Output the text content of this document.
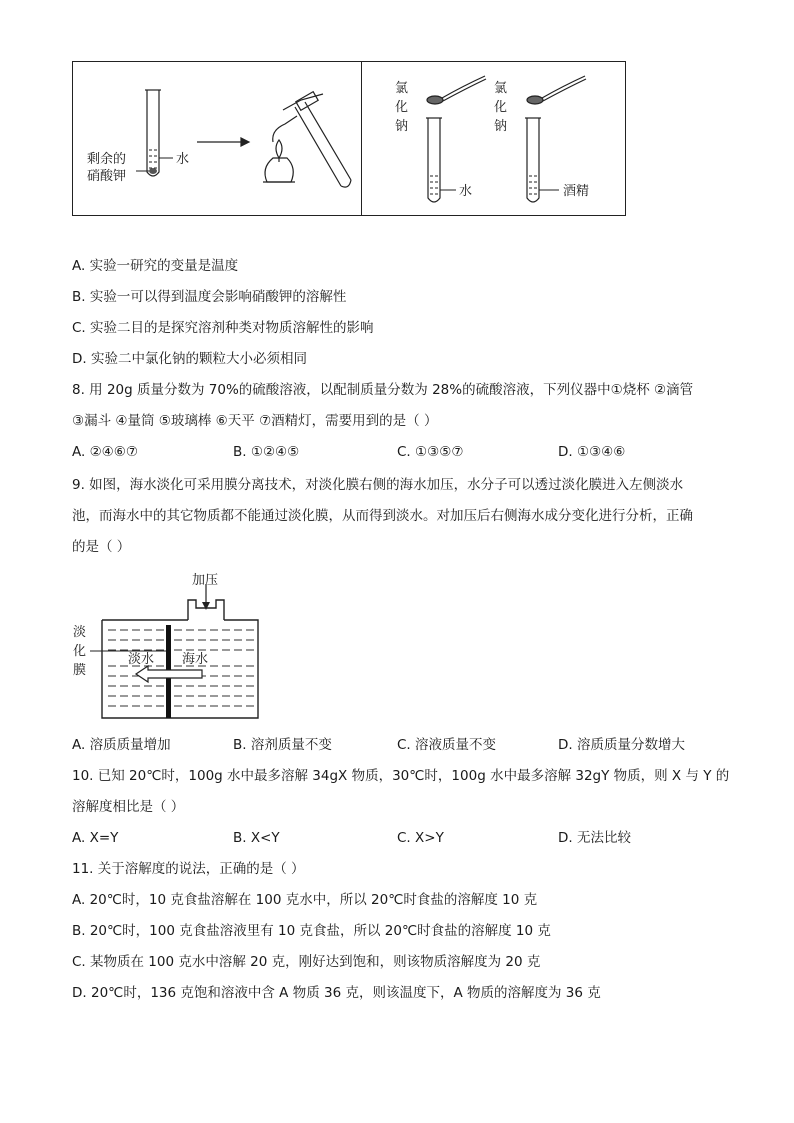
剩余的
硝酸钾
水
氯
化
钠
水
氯
化
钠
酒精
A. 实验一研究的变量是温度
B. 实验一可以得到温度会影响硝酸钾的溶解性
C. 实验二目的是探究溶剂种类对物质溶解性的影响
D. 实验二中氯化钠的颗粒大小必须相同
8. 用 20g 质量分数为 70%的硫酸溶液，以配制质量分数为 28%的硫酸溶液，下列仪器中①烧杯 ②滴管
③漏斗 ④量筒 ⑤玻璃棒 ⑥天平 ⑦酒精灯，需要用到的是（ ）
A. ②④⑥⑦	B. ①②④⑤	C. ①③⑤⑦	D. ①③④⑥
9. 如图，海水淡化可采用膜分离技术，对淡化膜右侧的海水加压，水分子可以透过淡化膜进入左侧淡水
池，而海水中的其它物质都不能通过淡化膜，从而得到淡水。对加压后右侧海水成分变化进行分析，正确
的是（ ）
加压
淡水 海水
淡
化
膜
A. 溶质质量增加	B. 溶剂质量不变	C. 溶液质量不变	D. 溶质质量分数增大
10. 已知 20℃时，100g 水中最多溶解 34gX 物质，30℃时，100g 水中最多溶解 32gY 物质，则 X 与 Y 的
溶解度相比是（ ）
A. X=Y	B. X<Y	C. X>Y	D. 无法比较
11. 关于溶解度的说法，正确的是（ ）
A. 20℃时，10 克食盐溶解在 100 克水中，所以 20℃时食盐的溶解度 10 克
B. 20℃时，100 克食盐溶液里有 10 克食盐，所以 20℃时食盐的溶解度 10 克
C. 某物质在 100 克水中溶解 20 克，刚好达到饱和，则该物质溶解度为 20 克
D. 20℃时，136 克饱和溶液中含 A 物质 36 克，则该温度下，A 物质的溶解度为 36 克
